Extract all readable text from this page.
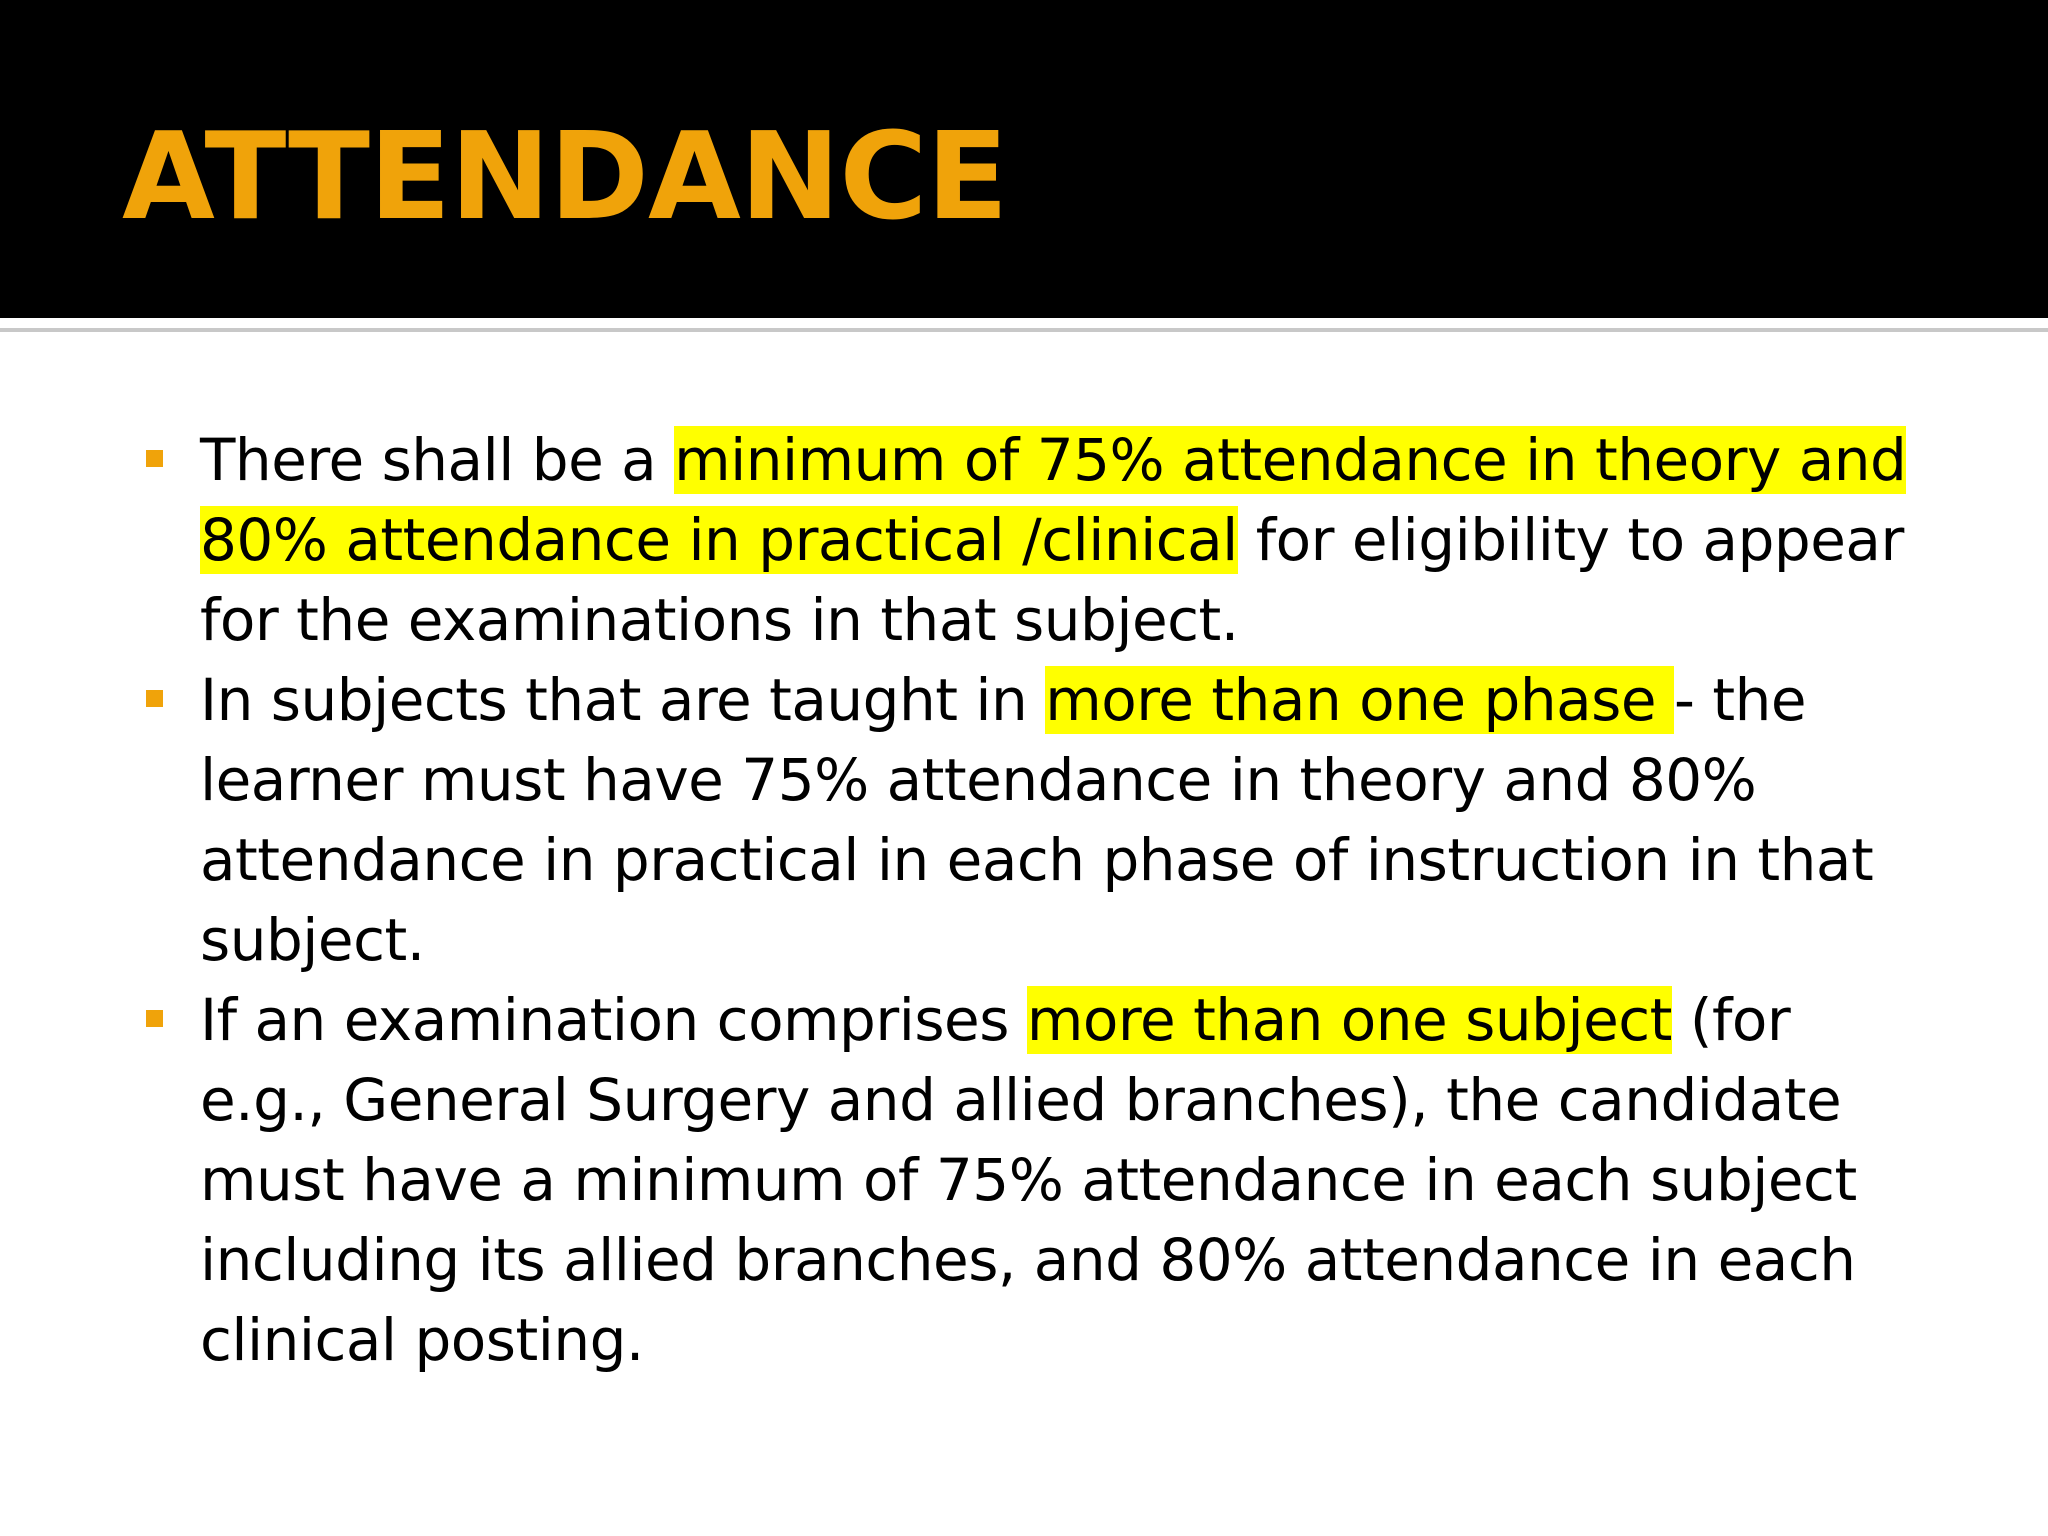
ATTENDANCE
There shall be a minimum of 75% attendance in theory and 80% attendance in practical /clinical for eligibility to appear for the examinations in that subject.
In subjects that are taught in more than one phase - the learner must have 75% attendance in theory and 80% attendance in practical in each phase of instruction in that subject.
If an examination comprises more than one subject (for e.g., General Surgery and allied branches), the candidate must have a minimum of 75% attendance in each subject including its allied branches, and 80% attendance in each clinical posting.
